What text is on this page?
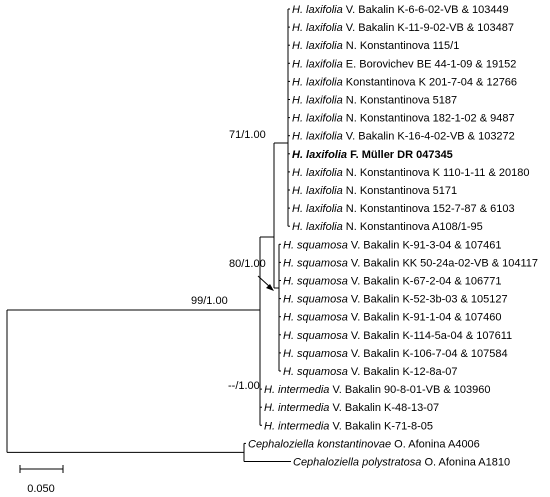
H. laxifolia V. Bakalin K-6-6-02-VB & 103449
H. laxifolia V. Bakalin K-11-9-02-VB & 103487
H. laxifolia N. Konstantinova 115/1
H. laxifolia E. Borovichev BE 44-1-09 & 19152
H. laxifolia Konstantinova K 201-7-04 & 12766
H. laxifolia N. Konstantinova 5187
H. laxifolia N. Konstantinova 182-1-02 & 9487
H. laxifolia V. Bakalin K-16-4-02-VB & 103272
H. laxifolia F. Müller DR 047345
H. laxifolia N. Konstantinova K 110-1-11 & 20180
H. laxifolia N. Konstantinova 5171
H. laxifolia N. Konstantinova 152-7-87 & 6103
H. laxifolia N. Konstantinova A108/1-95
H. squamosa V. Bakalin K-91-3-04 & 107461
H. squamosa V. Bakalin KK 50-24a-02-VB & 104117
H. squamosa V. Bakalin K-67-2-04 & 106771
H. squamosa V. Bakalin K-52-3b-03 & 105127
H. squamosa V. Bakalin K-91-1-04 & 107460
H. squamosa V. Bakalin K-114-5a-04 & 107611
H. squamosa V. Bakalin K-106-7-04 & 107584
H. squamosa V. Bakalin K-12-8a-07
H. intermedia V. Bakalin 90-8-01-VB & 103960
H. intermedia V. Bakalin K-48-13-07
H. intermedia V. Bakalin K-71-8-05
Cephaloziella konstantinovae O. Afonina A4006
Cephaloziella polystratosa O. Afonina A1810
71/1.00
80/1.00
99/1.00
--/1.00
0.050
